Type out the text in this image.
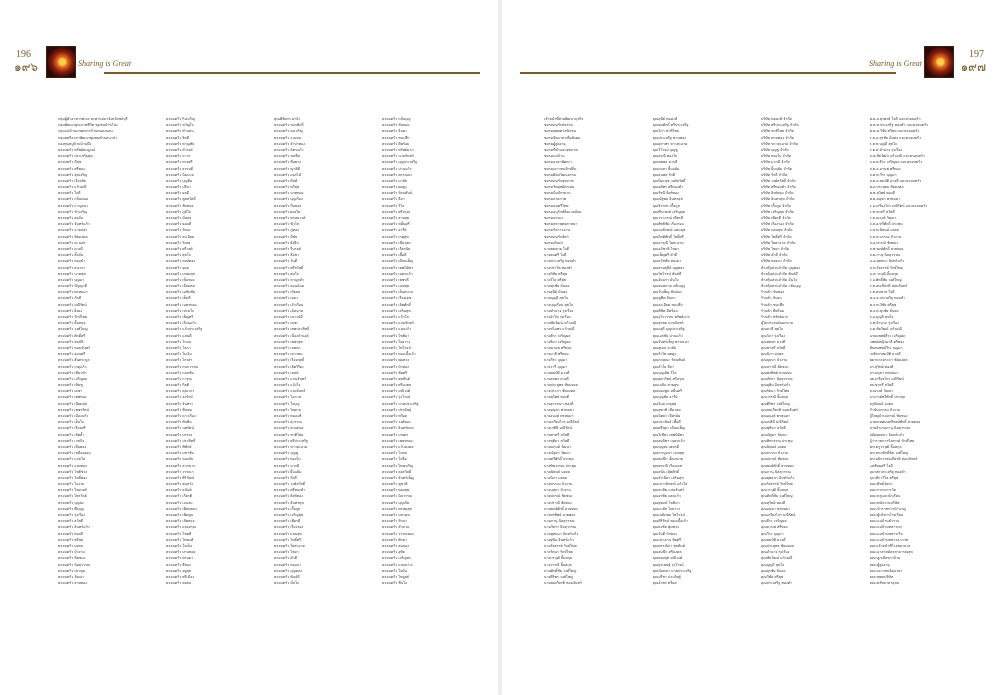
196
๑๙๖	Sharing is Great
กลุ่มผู้ค้าอาหารทะเล สะพานปลาจังหวัดชลบุรี
กลุ่มพัฒนาคุณภาพชีวิต ชุมชนบ้านโป่ง
กลุ่มแม่บ้านเกษตรกรบ้านหนองบอน
กลุ่มสตรีอาสาพัฒนาชุมชนตำบลนาป่า
กองทุนหมู่บ้านบ้านบึง
ครอบครัว ทรัพย์สมบูรณ์
ครอบครัว ประเสริฐสุข
ครอบครัว มีสุข
ครอบครัว ศรีทอง
ครอบครัว สุขเจริญ
ครอบครัว เรืองชัย
ครอบครัว แก้วมณี
ครอบครัว ใจดี
ครอบครัว กลิ่นหอม
ครอบครัว กาญจนา
ครอบครัว ขำเจริญ
ครอบครัว คงมั่น
ครอบครัว จันทร์แก้ว
ครอบครัว ฉายแสง
ครอบครัว ชัยมงคล
ครอบครัว ณ นคร
ครอบครัว ดวงดี
ครอบครัว ตั้งมั่น
ครอบครัว ทองคำ
ครอบครัว ธนากร
ครอบครัว นาคสุข
ครอบครัว บุญมา
ครอบครัว ปัญญาดี
ครอบครัว พรหมมา
ครอบครัว ภักดี
ครอบครัว มณีรัตน์
ครอบครัว ยิ่งยง
ครอบครัว รักษ์ไทย
ครอบครัว ลิ้มสกุล
ครอบครัว วงศ์ใหญ่
ครอบครัว ศักดิ์ศรี
ครอบครัว สมบัติ
ครอบครัว หอมจันทร์
ครอบครัว อ่อนศรี
ครอบครัว ฮั่นตระกูล
ครอบครัว เกตุแก้ว
ครอบครัว เขียวขำ
ครอบครัว เจริญผล
ครอบครัว เชิดชู
ครอบครัว เดชา
ครอบครัว เทพทอง
ครอบครัว เนียมสุข
ครอบครัว เพชรรัตน์
ครอบครัว เมืองแก้ว
ครอบครัว เย็นใจ
ครอบครัว เรืองศรี
ครอบครัว เลิศล้ำ
ครอบครัว เวชกิจ
ครอบครัว เสือทอง
ครอบครัว เหลืองอ่อน
ครอบครัว แจ่มใส
ครอบครัว แสงทอง
ครอบครัว โชติช่วง
ครอบครัว โพธิ์ทอง
ครอบครัว ใจงาม
ครอบครัว ไชยวงศ์
ครอบครัว ไพรวัลย์
ครอบครัว บุญส่ง
ครอบครัว พึ่งบุญ
ครอบครัว รุ่งเรือง
ครอบครัว สวัสดี
ครอบครัว อินทร์แก้ว
ครอบครัว ทองดี
ครอบครัว ศรีสุข
ครอบครัว มงคล
ครอบครัว บัวงาม
ครอบครัว ชัยชนะ
ครอบครัว นิลสุวรรณ
ครอบครัว ประทุม
ครอบครัว วัฒนา
ครอบครัว สายทอง
ครอบครัว กิจเจริญ
ครอบครัว ขวัญใจ
ครอบครัว คำแสน
ครอบครัว จิตดี
ครอบครัว ชาญชัย
ครอบครัว ดำรงค์
ครอบครัว ถาวร
ครอบครัว ทรงศรี
ครอบครัว ธรรมดี
ครอบครัว นิ่มนวล
ครอบครัว บุญยืน
ครอบครัว ปรีดา
ครอบครัว ผลดี
ครอบครัว พูลสวัสดิ์
ครอบครัว ฟักทอง
ครอบครัว ภูมิใจ
ครอบครัว มั่นคง
ครอบครัว ยอดดี
ครอบครัว รัตนะ
ครอบครัว ละเอียด
ครอบครัว วิเศษ
ครอบครัว ศรีวงศ์
ครอบครัว สุขใจ
ครอบครัว หงษ์ทอง
ครอบครัว อุดม
ครอบครัว เกษมสุข
ครอบครัว เข็มทอง
ครอบครัว เจียมตน
ครอบครัว เฉลิมชัย
ครอบครัว เต็มดี
ครอบครัว เนตรทอง
ครอบครัว เปรมใจ
ครอบครัว เพ็ญศรี
ครอบครัว เรือนแก้ว
ครอบครัว แก้วประเสริฐ
ครอบครัว แสนดี
ครอบครัว โกมล
ครอบครัว โสภา
ครอบครัว ใบเงิน
ครอบครัว ไกรสร
ครอบครัว กนกวรรณ
ครอบครัว กมลชัย
ครอบครัว การุณ
ครอบครัว กิตติ
ครอบครัว คุณากร
ครอบครัว จงรักษ์
ครอบครัว จันทรา
ครอบครัว ชื่นชม
ครอบครัว ดาวเรือง
ครอบครัว ทับทิม
ครอบครัว นพรัตน์
ครอบครัว บรรจง
ครอบครัว ประสิทธิ์
ครอบครัว พิทักษ์
ครอบครัว มหาชัย
ครอบครัว รอดภัย
ครอบครัว ลาภมาก
ครอบครัว วรรณา
ครอบครัว ศิริวัฒน์
ครอบครัว สมหวัง
ครอบครัว อนันต์
ครอบครัว เกียรติ
ครอบครัว เจนจบ
ครอบครัว เทียนทอง
ครอบครัว เพิ่มพูน
ครอบครัว เลิศสกุล
ครอบครัว แสงอรุณ
ครอบครัว โชคดี
ครอบครัว ไทยแท้
ครอบครัว ใจเย็น
ครอบครัว ปานทอง
ครอบครัว พรมมา
ครอบครัว สีทอง
ครอบครัว อยู่สุข
ครอบครัว ศรีเมือง
ครอบครัว คงทน
คุณพิชัยกร ฝากัง
ครอบครัว ขจรศักดิ์
ครอบครัว คงเจริญ
ครอบครัว งามสม
ครอบครัว จำปาทอง
ครอบครัว ฉัตรแก้ว
ครอบครัว ชมชื่น
ครอบครัว ซื่อตรง
ครอบครัว ญาติดี
ครอบครัว ดอกไม้
ครอบครัว ตันติ
ครอบครัว ทวีสุข
ครอบครัว นาคทอง
ครอบครัว บุญเรือง
ครอบครัว ปิ่นทอง
ครอบครัว ผ่องใส
ครอบครัว พรหมวงศ์
ครอบครัว ฟ้าใส
ครอบครัว ภู่ทอง
ครอบครัว มีชัย
ครอบครัว ยั่งยืน
ครอบครัว รื่นรมย์
ครอบครัว ลือชา
ครอบครัว วันดี
ครอบครัว ศรีสวัสดิ์
ครอบครัว สมใจ
ครอบครัว หาญกล้า
ครอบครัว อ่อนน้อม
ครอบครัว เกิดผล
ครอบครัว เขมะ
ครอบครัว เจ้าเรือน
ครอบครัว เฉิดฉาย
ครอบครัว เชาวน์ดี
ครอบครัว เดชะ
ครอบครัว เทพประสิทธิ์
ครอบครัว เนื่องจำนงค์
ครอบครัว เพชรสุข
ครอบครัว เมตตา
ครอบครัว เยาวชน
ครอบครัว เรืองฤทธิ์
ครอบครัว เลิศวิริยะ
ครอบครัว เสน่ห์
ครอบครัว แก่นจันทร์
ครอบครัว แจ้งใจ
ครอบครัว แสงจันทร์
ครอบครัว โอภาส
ครอบครัว ใจบุญ
ครอบครัว ไพศาล
ครอบครัว ทองแท้
ครอบครัว สุวรรณ
ครอบครัว พานทอง
ครอบครัว ชาติไทย
ครอบครัว ศรีประเสริฐ
ครอบครัว ขาวสะอาด
ครอบครัว บุญชู
ครอบครัว ทองใบ
ครอบครัว มากมี
ครอบครัว ยิ้มแย้ม
ครอบครัว รักดี
ครอบครัว วงศ์สวัสดิ์
ครอบครัว ศรีทองคำ
ครอบครัว สิงห์ทอง
ครอบครัว อินทรสุข
ครอบครัว เกื้อกูล
ครอบครัว เจริญสุข
ครอบครัว เพียรดี
ครอบครัว เรืองรอง
ครอบครัว แสนสุข
ครอบครัว โพธิ์ศรี
ครอบครัว ใสสะอาด
ครอบครัว ไชยา
ครอบครัว คำดี
ครอบครัว ทองมา
ครอบครัว บุญทอง
ครอบครัว พันธ์ดี
ครอบครัว มั่นใจ
ครอบครัว กลั่นบุญ
ครอบครัว ขันทอง
ครอบครัว จินดา
ครอบครัว ชนะศึก
ครอบครัว ดีพร้อม
ครอบครัว ทรัพย์มาก
ครอบครัว นวลจันทร์
ครอบครัว บุญประเสริฐ
ครอบครัว ปานแก้ว
ครอบครัว พรรณนา
ครอบครัว มาลัย
ครอบครัว ยศสูง
ครอบครัว รัตนพันธ์
ครอบครัว ลีลา
ครอบครัว วิไล
ครอบครัว ศรีอรุณ
ครอบครัว สายสุข
ครอบครัว หมื่นศรี
ครอบครัว อารีย์
ครอบครัว เกตุสุข
ครอบครัว เขียวสด
ครอบครัว เจียรนัย
ครอบครัว เชื้อดี
ครอบครัว เดือนเพ็ญ
ครอบครัว เทพนิมิตร
ครอบครัว เนตรแก้ว
ครอบครัว เพชรดี
ครอบครัว เมฆสุข
ครอบครัว เย็นสบาย
ครอบครัว เรืองเดช
ครอบครัว เลิศศักดิ์
ครอบครัว เสริมสุข
ครอบครัว แก้วใส
ครอบครัว แจ่มจันทร์
ครอบครัว แสงแก้ว
ครอบครัว โชติมา
ครอบครัว ใจสว่าง
ครอบครัว ไพโรจน์
ครอบครัว ทองเนื้อเก้า
ครอบครัว พุ่มพวง
ครอบครัว บัวทอง
ครอบครัว ชัยศรี
ครอบครัว สุขสันต์
ครอบครัว ศรีมงคล
ครอบครัว มณีวงศ์
ครอบครัว รุ่งโรจน์
ครอบครัว นาคประเสริฐ
ครอบครัว ประดิษฐ์
ครอบครัว ทวีผล
ครอบครัว วงศ์ทอง
ครอบครัว อินทร์ทอง
ครอบครัว เกษตร
ครอบครัว เพชรทอง
ครอบครัว แก้วมงคล
ครอบครัว โกศล
ครอบครัว ใจซื่อ
ครอบครัว ไทยเจริญ
ครอบครัว คงสวัสดิ์
ครอบครัว จันทร์เพ็ญ
ครอบครัว ชูชาติ
ครอบครัว ทองสุข
ครอบครัว นิลวรรณ
ครอบครัว บุญเกิด
ครอบครัว พรหมสุข
ครอบครัว มหาสุข
ครอบครัว รักษา
ครอบครัว ลำดวน
ครอบครัว วรรณทอง
ครอบครัว ศักดา
ครอบครัว สมปอง
ครอบครัว อุทัย
ครอบครัว เจริญพร
ครอบครัว แสงสว่าง
ครอบครัว ใจมั่น
ครอบครัว ไพบูลย์
ครอบครัว ชื่นใจ
Sharing is Great
197
๑๙๗
เจ้าหน้าที่ฝ่ายพัฒนาธุรกิจ
ชมรมคนรักษ์ธรรม
ชมรมพุทธศาสนิกชน
ชมรมจิตอาสาเพื่อสังคม
ชมรมผู้สูงอายุ
ชมรมกีฬาและสุขภาพ
ชมรมแม่บ้าน
ชมรมอาสาพัฒนา
ชมรมเยาวชนรักษ์ถิ่น
ชมรมศิลปวัฒนธรรม
ชมรมคนรักสุขภาพ
ชมรมวิทยุสมัครเล่น
ชมรมปั่นจักรยาน
ชมรมถ่ายภาพ
ชมรมดนตรีไทย
ชมรมอนุรักษ์สิ่งแวดล้อม
ชมรมธรรมะ
ชมรมพระพุทธศาสนา
ชมรมรักการอ่าน
ชมรมคนรักสัตว์
ชมรมเดินป่า
นายสมชาย ใจดี
นางสมศรี ใจดี
นายประเสริฐ ทองคำ
นางประไพ ทองคำ
นายวิชัย ศรีสุข
นางวิไล ศรีสุข
นายสุรชัย มั่นคง
นางสุนีย์ มั่นคง
นายบุญมี สุขใจ
นางบุญเรือน สุขใจ
นายอำนาจ รุ่งเรือง
นางอำไพ รุ่งเรือง
นายชัยวัฒน์ แก้วมณี
นางชไมพร แก้วมณี
นายธีระ เจริญผล
นางธิดา เจริญผล
นายมานพ ศรีทอง
นางมาลี ศรีทอง
นายวีระ บุญมา
นางวารี บุญมา
นายสมบัติ ดวงดี
นางสมพร ดวงดี
นายประยุทธ ชัยมงคล
นางประภา ชัยมงคล
นายสุวิทย์ ทองดี
นางสุวรรณา ทองดี
นายอนุชา พรหมมา
นางอนงค์ พรหมมา
นายเกรียงไกร มณีรัตน์
นางเกศินี มณีรัตน์
นายชาตรี สวัสดี
นางชุติมา สวัสดี
นายณรงค์ วัฒนา
นางณัฐยา วัฒนา
นายทวีศักดิ์ ประทุม
นางทิพวรรณ ประทุม
นายนิพนธ์ มงคล
นางนิภา มงคล
นายบรรจง บัวงาม
นางบุษบา บัวงาม
นายปกรณ์ ชัยชนะ
นางปราณี ชัยชนะ
นายพงษ์ศักดิ์ สายทอง
นางพรทิพย์ สายทอง
นายภานุ นิลสุวรรณ
นางภัทรา นิลสุวรรณ
นายยุทธนา อินทร์แก้ว
นางยุพิน อินทร์แก้ว
นายรังสรรค์ รักษ์ไทย
นางรัตนา รักษ์ไทย
นายวรวุฒิ ลิ้มสกุล
นางวรรณี ลิ้มสกุล
นายศักดิ์ชัย วงศ์ใหญ่
นางศิริพร วงศ์ใหญ่
นายสมเกียรติ หอมจันทร์
คุณสุนีย์ ทองแท้
คุณสมศักดิ์ ศรีประเสริฐ
คุณวิภา ชาติไทย
คุณประเสริฐ พานทอง
คุณสุภาพร ขาวสะอาด
คุณวิโรจน์ บุญชู
คุณอรุณี ทองใบ
คุณชยพล มากมี
คุณกมลา ยิ้มแย้ม
คุณธนพล รักดี
คุณปิยะนุช วงศ์สวัสดิ์
คุณอดิศร ศรีทองคำ
คุณรัชนี สิงห์ทอง
คุณณัฐพล อินทรสุข
คุณจิราพร เกื้อกูล
คุณพีระพงษ์ เจริญสุข
คุณวราภรณ์ เพียรดี
คุณสิทธิชัย เรืองรอง
คุณนงลักษณ์ แสนสุข
คุณกิตติศักดิ์ โพธิ์ศรี
คุณดารุณี ใสสะอาด
คุณอภิชาติ ไชยา
คุณเพ็ญศรี คำดี
คุณธวัชชัย ทองมา
คุณสายสุนีย์ บุญทอง
คุณไพโรจน์ พันธ์ดี
คุณอัจฉรา มั่นใจ
คุณสมหมาย กลั่นบุญ
คุณวันเพ็ญ ขันทอง
คุณชูชีพ จินดา
คุณละเอียด ชนะศึก
คุณพิชิต ดีพร้อม
คุณอุไรวรรณ ทรัพย์มาก
คุณสุรพล นวลจันทร์
คุณมยุรี บุญประเสริฐ
คุณเอกชัย ปานแก้ว
คุณจันทร์เพ็ญ พรรณนา
คุณสุเมธ มาลัย
คุณรำไพ ยศสูง
คุณกฤษณะ รัตนพันธ์
คุณลำใย ลีลา
คุณบุญเลิศ วิไล
คุณสุดารัตน์ ศรีอรุณ
คุณเฉลิม สายสุข
คุณทองพูน หมื่นศรี
คุณบุญชัย อารีย์
คุณวิมล เกตุสุข
คุณสุชาติ เขียวสด
คุณนิตยา เจียรนัย
คุณประพันธ์ เชื้อดี
คุณศรีสุดา เดือนเพ็ญ
คุณวิเชียร เทพนิมิตร
คุณสมจิตร เนตรแก้ว
คุณบุญส่ง เพชรดี
คุณกาญจนา เมฆสุข
คุณสมนึก เย็นสบาย
คุณพรรณี เรืองเดช
คุณสนั่น เลิศศักดิ์
คุณจำเนียร เสริมสุข
คุณเยาวลักษณ์ แก้วใส
คุณชวลิต แจ่มจันทร์
คุณอรทัย แสงแก้ว
คุณสุพจน์ โชติมา
คุณมาลัย ใจสว่าง
คุณเฉลิมพล ไพโรจน์
คุณศิริรัตน์ ทองเนื้อเก้า
คุณธงชัย พุ่มพวง
คุณวันดี บัวทอง
คุณประสาน ชัยศรี
คุณพรรณิภา สุขสันต์
คุณสมนึก ศรีมงคล
คุณทองสุข มณีวงศ์
คุณสุรเชษฐ์ รุ่งโรจน์
คุณนันทนา นาคประเสริฐ
คุณปรีชา ประดิษฐ์
คุณอำพร ทวีผล
บริษัท ทองแท้ จำกัด
บริษัท ศรีประเสริฐ จำกัด
บริษัท ชาติไทย จำกัด
บริษัท พานทอง จำกัด
บริษัท ขาวสะอาด จำกัด
บริษัท บุญชู จำกัด
บริษัท ทองใบ จำกัด
บริษัท มากมี จำกัด
บริษัท ยิ้มแย้ม จำกัด
บริษัท รักดี จำกัด
บริษัท วงศ์สวัสดิ์ จำกัด
บริษัท ศรีทองคำ จำกัด
บริษัท สิงห์ทอง จำกัด
บริษัท อินทรสุข จำกัด
บริษัท เกื้อกูล จำกัด
บริษัท เจริญสุข จำกัด
บริษัท เพียรดี จำกัด
บริษัท เรืองรอง จำกัด
บริษัท แสนสุข จำกัด
บริษัท โพธิ์ศรี จำกัด
บริษัท ใสสะอาด จำกัด
บริษัท ไชยา จำกัด
บริษัท คำดี จำกัด
บริษัท ทองมา จำกัด
ห้างหุ้นส่วนจำกัด บุญทอง
ห้างหุ้นส่วนจำกัด พันธ์ดี
ห้างหุ้นส่วนจำกัด มั่นใจ
ห้างหุ้นส่วนจำกัด กลั่นบุญ
ร้านค้า ขันทอง
ร้านค้า จินดา
ร้านค้า ชนะศึก
ร้านค้า ดีพร้อม
ร้านค้า ทรัพย์มาก
ผู้ไม่ประสงค์ออกนาม
คุณมาลี สุขใจ
คุณวิภา รุ่งเรือง
คุณสมพร ดวงดี
คุณชาตรี สวัสดี
คุณนิภา มงคล
คุณบุษบา บัวงาม
คุณปราณี ชัยชนะ
คุณพรทิพย์ สายทอง
คุณภัทรา นิลสุวรรณ
คุณยุพิน อินทร์แก้ว
คุณรัตนา รักษ์ไทย
คุณวรรณี ลิ้มสกุล
คุณศิริพร วงศ์ใหญ่
คุณสมเกียรติ หอมจันทร์
คุณอนงค์ พรหมมา
คุณเกศินี มณีรัตน์
คุณชุติมา สวัสดี
คุณณัฐยา วัฒนา
คุณทิพวรรณ ประทุม
คุณนิพนธ์ มงคล
คุณบรรจง บัวงาม
คุณปกรณ์ ชัยชนะ
คุณพงษ์ศักดิ์ สายทอง
คุณภานุ นิลสุวรรณ
คุณยุทธนา อินทร์แก้ว
คุณรังสรรค์ รักษ์ไทย
คุณวรวุฒิ ลิ้มสกุล
คุณศักดิ์ชัย วงศ์ใหญ่
คุณสุวิทย์ ทองดี
คุณอนุชา พรหมมา
คุณเกรียงไกร มณีรัตน์
คุณธีระ เจริญผล
คุณมานพ ศรีทอง
คุณวีระ บุญมา
คุณสมบัติ ดวงดี
คุณประยุทธ ชัยมงคล
คุณอำนาจ รุ่งเรือง
คุณชัยวัฒน์ แก้วมณี
คุณบุญมี สุขใจ
คุณสุรชัย มั่นคง
คุณวิชัย ศรีสุข
คุณประเสริฐ ทองคำ
พ.ต.อ.สุรพงษ์ ใจดี และครอบครัว
พ.ต.ท.ประเสริฐ ทองคำ และครอบครัว
พ.ต.ต.วิชัย ศรีสุข และครอบครัว
ร.ต.อ.สุรชัย มั่นคง และครอบครัว
ร.ต.ท.บุญมี สุขใจ
ร.ต.ต.อำนาจ รุ่งเรือง
ด.ต.ชัยวัฒน์ แก้วมณี และครอบครัว
จ.ส.ต.ธีระ เจริญผล และครอบครัว
ส.ต.อ.มานพ ศรีทอง
ส.ต.ท.วีระ บุญมา
ส.ต.ต.สมบัติ ดวงดี และครอบครัว
พ.อ.ประยุทธ ชัยมงคล
พ.ท.สุวิทย์ ทองดี
พ.ต.อนุชา พรหมมา
ร.อ.เกรียงไกร มณีรัตน์ และครอบครัว
ร.ท.ชาตรี สวัสดี
ร.ต.ณรงค์ วัฒนา
จ.ส.อ.ทวีศักดิ์ ประทุม
จ.ส.ท.นิพนธ์ มงคล
จ.ส.ต.บรรจง บัวงาม
ส.อ.ปกรณ์ ชัยชนะ
ส.ท.พงษ์ศักดิ์ สายทอง
ส.ต.ภานุ นิลสุวรรณ
น.อ.ยุทธนา อินทร์แก้ว
น.ท.รังสรรค์ รักษ์ไทย
น.ต.วรวุฒิ ลิ้มสกุล
ร.อ.ศักดิ์ชัย วงศ์ใหญ่
ร.ท.สมเกียรติ หอมจันทร์
ร.ต.สมชาย ใจดี
พ.จ.อ.ประเสริฐ ทองคำ
พ.จ.ท.วิชัย ศรีสุข
พ.จ.ต.สุรชัย มั่นคง
จ.อ.บุญมี สุขใจ
จ.ท.อำนาจ รุ่งเรือง
จ.ต.ชัยวัฒน์ แก้วมณี
นายแพทย์ธีระ เจริญผล
แพทย์หญิงมาลี ศรีทอง
ทันตแพทย์วีระ บุญมา
เภสัชกรสมบัติ ดวงดี
พยาบาลประภา ชัยมงคล
ดร.สุวิทย์ ทองดี
ดร.อนุชา พรหมมา
ผศ.เกรียงไกร มณีรัตน์
รศ.ชาตรี สวัสดี
ศ.ณรงค์ วัฒนา
อาจารย์ทวีศักดิ์ ประทุม
ครูนิพนธ์ มงคล
กำนันบรรจง บัวงาม
ผู้ใหญ่บ้านปกรณ์ ชัยชนะ
นายกเทศมนตรีพงษ์ศักดิ์ สายทอง
นายอำเภอภานุ นิลสุวรรณ
ปลัดยุทธนา อินทร์แก้ว
ผู้ว่าราชการรังสรรค์ รักษ์ไทย
พระครูวรวุฒิ ลิ้มสกุล
พระมหาศักดิ์ชัย วงศ์ใหญ่
พระอธิการสมเกียรติ หอมจันทร์
แม่ชีสมศรี ใจดี
อุบาสกประเสริฐ ทองคำ
อุบาสิกาวิไล ศรีสุข
คณะศิษย์วัดป่า
คณะกรรมการวัด
คณะครูและนักเรียน
คณะพนักงานบริษัท
คณะข้าราชการบำนาญ
คณะผู้บริหารโรงเรียน
คณะแม่บ้านตำรวจ
คณะแม่บ้านทหารบก
คณะแม่บ้านทหารเรือ
คณะแม่บ้านทหารอากาศ
คณะเจ้าหน้าที่โรงพยาบาล
คณะอาสาสมัครสาธารณสุข
คณะลูกเสือชาวบ้าน
คณะผู้สูงอายุ
คณะเยาวชนจิตอาสา
คณะพุทธบริษัท
คณะศรัทธาสาธุชน
